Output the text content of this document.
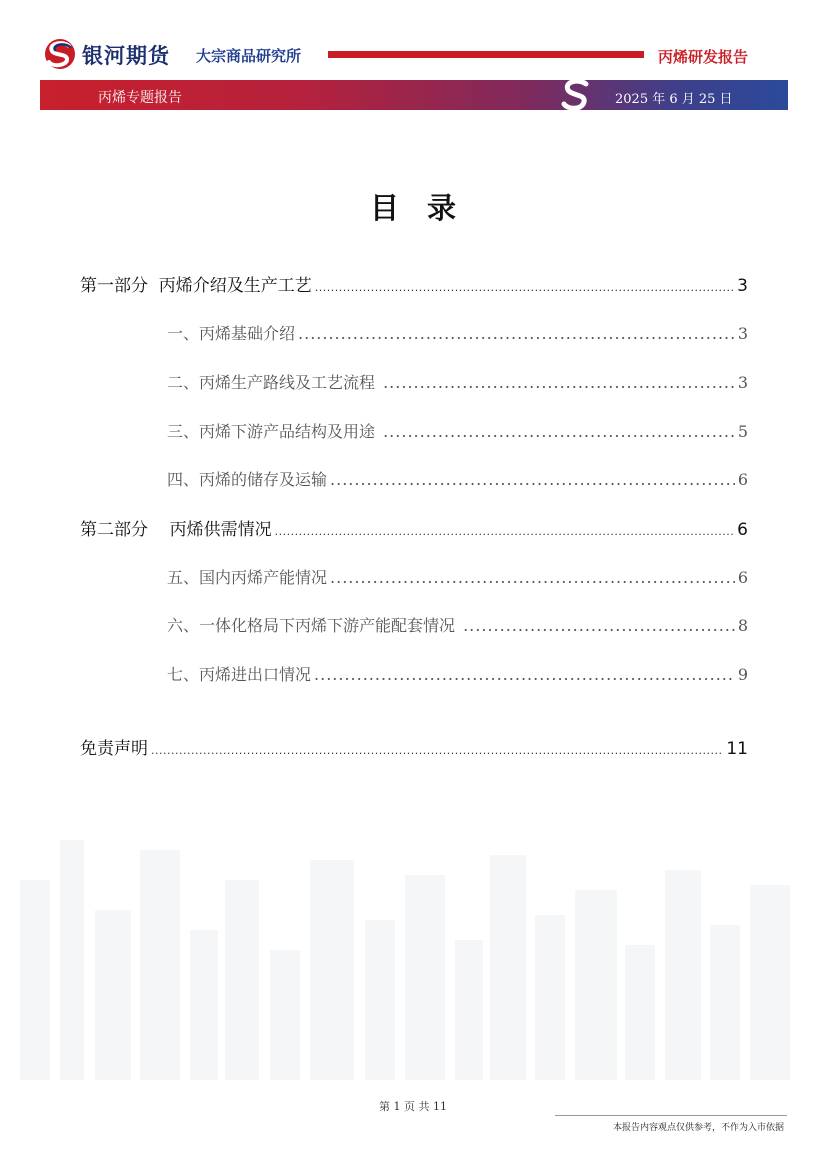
银河期货 大宗商品研究所	丙烯研发报告
丙烯专题报告	2025 年 6 月 25 日
目录
第一部分  丙烯介绍及生产工艺 .....	3
一、丙烯基础介绍 .....	3
二、丙烯生产路线及工艺流程 .....	3
三、丙烯下游产品结构及用途 .....	5
四、丙烯的储存及运输 .....	6
第二部分    丙烯供需情况 .....	6
五、国内丙烯产能情况 .....	6
六、一体化格局下丙烯下游产能配套情况 .....	8
七、丙烯进出口情况 .....	9
免责声明 .....	11
第 1 页 共 11
本报告内容观点仅供参考，不作为入市依据
